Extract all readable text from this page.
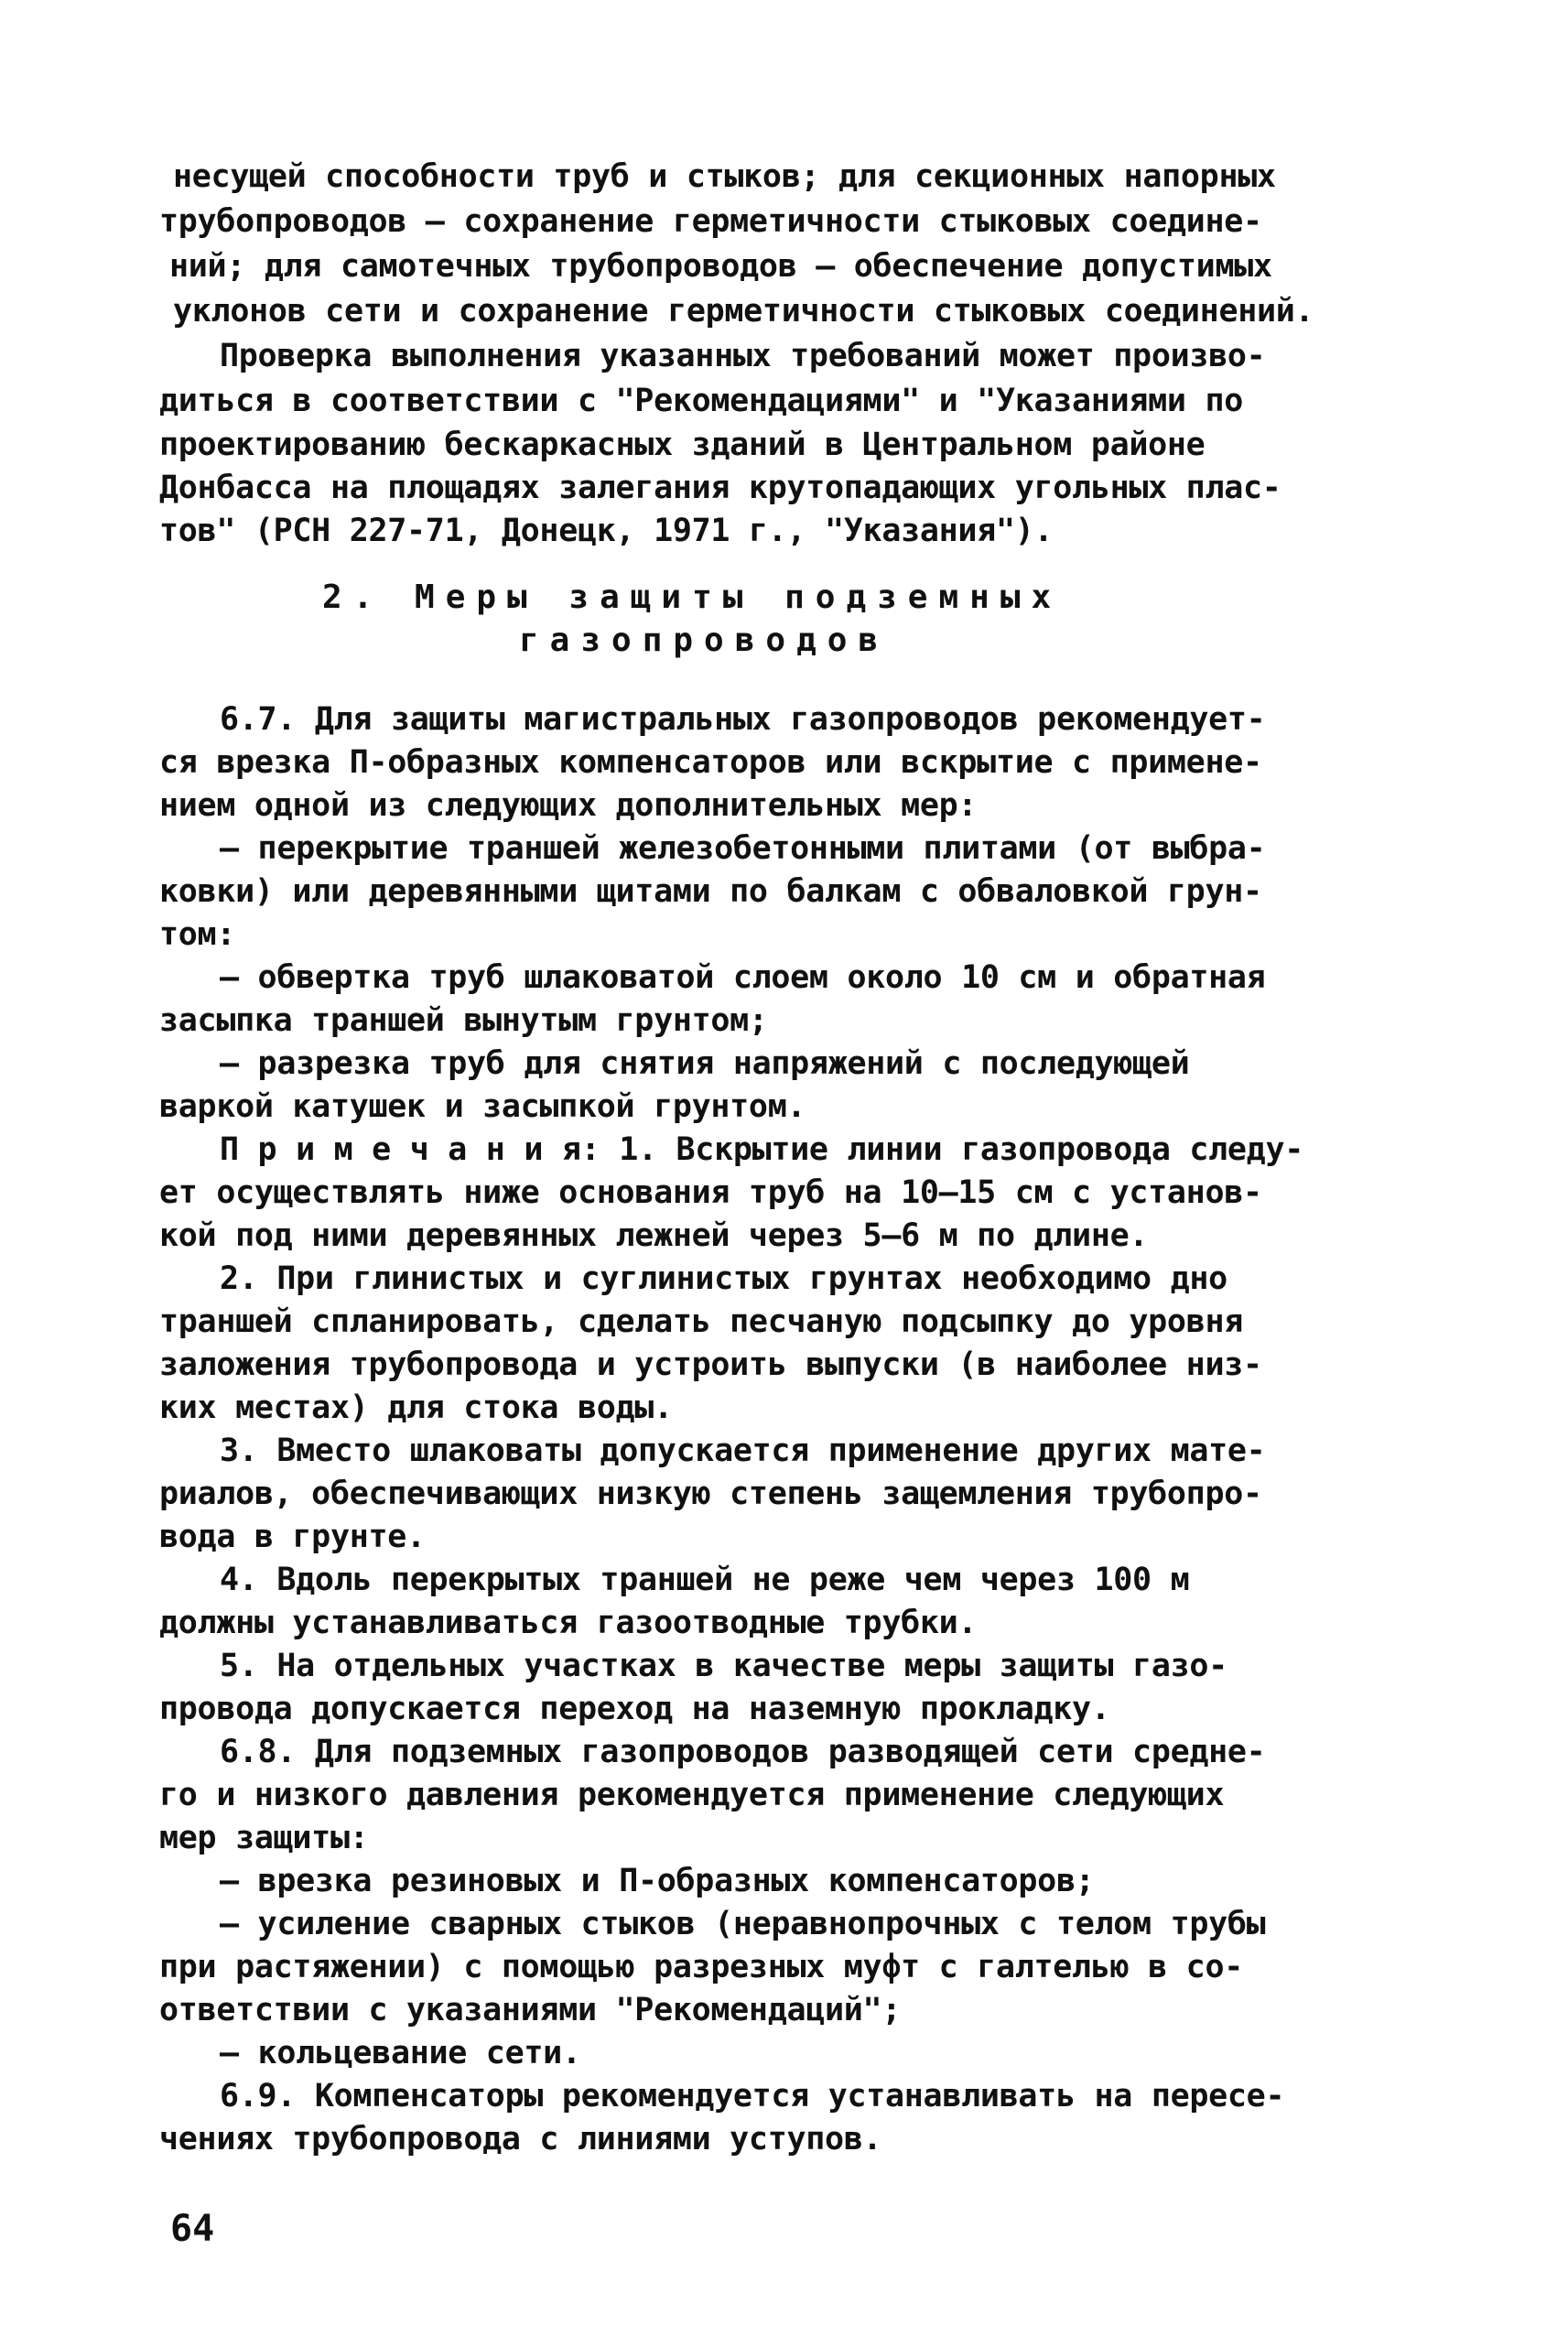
несущей способности труб и стыков; для секционных напорных
трубопроводов – сохранение герметичности стыковых соедине-
ний; для самотечных трубопроводов – обеспечение допустимых
уклонов сети и сохранение герметичности стыковых соединений.
Проверка выполнения указанных требований может произво-
диться в соответствии с "Рекомендациями" и "Указаниями по
проектированию бескаркасных зданий в Центральном районе
Донбасса на площадях залегания крутопадающих угольных плас-
тов" (РСН 227-71, Донецк, 1971 г., "Указания").
2. Меры защиты подземных
газопроводов
6.7. Для защиты магистральных газопроводов рекомендует-
ся врезка П-образных компенсаторов или вскрытие с примене-
нием одной из следующих дополнительных мер:
– перекрытие траншей железобетонными плитами (от выбра-
ковки) или деревянными щитами по балкам с обваловкой грун-
том:
– обвертка труб шлаковатой слоем около 10 см и обратная
засыпка траншей вынутым грунтом;
– разрезка труб для снятия напряжений с последующей
ваpкой катушек и засыпкой грунтом.
П р и м е ч а н и я: 1. Вскрытие линии газопровода следу-
ет осуществлять ниже основания труб на 10–15 см с установ-
кой под ними деревянных лежней через 5–6 м по длине.
2. При глинистых и суглинистых грунтах необходимо дно
траншей спланировать, сделать песчаную подсыпку до уровня
заложения трубопровода и устроить выпуски (в наиболее низ-
ких местах) для стока воды.
3. Вместо шлаковаты допускается применение других мате-
риалов, обеспечивающих низкую степень защемления трубопро-
вода в грунте.
4. Вдоль перекрытых траншей не реже чем через 100 м
должны устанавливаться газоотводные трубки.
5. На отдельных участках в качестве меры защиты газо-
провода допускается переход на наземную прокладку.
6.8. Для подземных газопроводов разводящей сети средне-
го и низкого давления рекомендуется применение следующих
мер защиты:
– врезка резиновых и П-образных компенсаторов;
– усиление сварных стыков (неравнопрочных с телом трубы
при растяжении) с помощью разрезных муфт с галтелью в со-
ответствии с указаниями "Рекомендаций";
– кольцевание сети.
6.9. Компенсаторы рекомендуется устанавливать на пересе-
чениях трубопровода с линиями уступов.
64
